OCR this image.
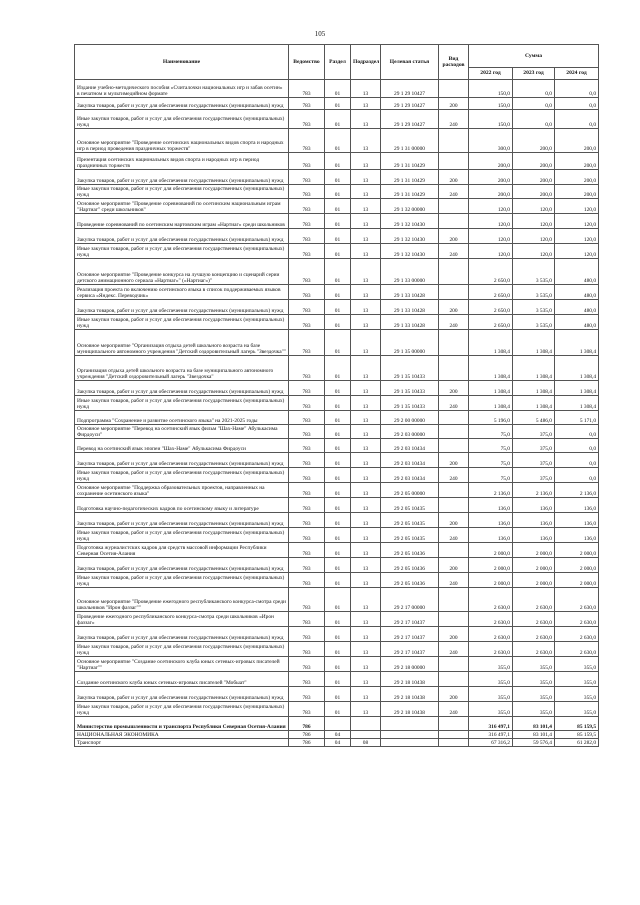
105
Наименование	Ведомство	Раздел	Подраздел	Целевая статья	Вид расходов	Сумма		
						2022 год	2023 год	2024 год
Издание учебно-методического пособия «Считалочки национальных игр и забав осетин» в печатном и мультимедийном формате	783	01	13	29 1 29 10427		150,0	0,0	0,0
Закупка товаров, работ и услуг для обеспечения государственных (муниципальных) нужд	783	01	13	29 1 29 10427	200	150,0	0,0	0,0
Иные закупки товаров, работ и услуг для обеспечения государственных (муниципальных) нужд	783	01	13	29 1 29 10427	240	150,0	0,0	0,0
Основное мероприятие "Проведение осетинских национальных видов спорта и народных игр в период проведения праздничных торжеств"	783	01	13	29 1 31 00000		300,0	200,0	200,0
Презентация осетинских национальных видов спорта и народных игр в период праздничных торжеств	783	01	13	29 1 31 10429		200,0	200,0	200,0
Закупка товаров, работ и услуг для обеспечения государственных (муниципальных) нужд	783	01	13	29 1 31 10429	200	200,0	200,0	200,0
Иные закупки товаров, работ и услуг для обеспечения государственных (муниципальных) нужд	783	01	13	29 1 31 10429	240	200,0	200,0	200,0
Основное мероприятие "Проведение соревнований по осетинским национальным играм "Нартиаг" среди школьников"	783	01	13	29 1 32 00000		120,0	120,0	120,0
Проведение соревнований по осетинским нартовским играм «Нартиаг» среди школьников	783	01	13	29 1 32 10430		120,0	120,0	120,0
Закупка товаров, работ и услуг для обеспечения государственных (муниципальных) нужд	783	01	13	29 1 32 10430	200	120,0	120,0	120,0
Иные закупки товаров, работ и услуг для обеспечения государственных (муниципальных) нужд	783	01	13	29 1 32 10430	240	120,0	120,0	120,0
Основное мероприятие "Проведение конкурса на лучшую концепцию и сценарий серии детского анимационного сериала «Нартиаг»" («Нартиаг»)"	783	01	13	29 1 33 00000		2 650,0	3 535,0	480,0
Реализация проекта по включению осетинского языка в список поддерживаемых языков сервиса «Яндекс. Переводчик»	783	01	13	29 1 33 10428		2 650,0	3 535,0	480,0
Закупка товаров, работ и услуг для обеспечения государственных (муниципальных) нужд	783	01	13	29 1 33 10428	200	2 650,0	3 535,0	480,0
Иные закупки товаров, работ и услуг для обеспечения государственных (муниципальных) нужд	783	01	13	29 1 33 10428	240	2 650,0	3 535,0	480,0
Основное мероприятие "Организация отдыха детей школьного возраста на базе муниципального автономного учреждения "Детский оздоровительный лагерь "Звездочка""	783	01	13	29 1 35 00000		1 308,4	1 308,4	1 308,4
Организация отдыха детей школьного возраста на базе муниципального автономного учреждения "Детский оздоровительный лагерь "Звездочка"	783	01	13	29 1 35 10433		1 308,4	1 308,4	1 308,4
Закупка товаров, работ и услуг для обеспечения государственных (муниципальных) нужд	783	01	13	29 1 35 10433	200	1 308,4	1 308,4	1 308,4
Иные закупки товаров, работ и услуг для обеспечения государственных (муниципальных) нужд	783	01	13	29 1 35 10433	240	1 308,4	1 308,4	1 308,4
Подпрограмма "Сохранение и развитие осетинского языка" на 2021-2025 годы	783	01	13	29 2 00 00000		5 196,0	5 486,0	5 171,0
Основное мероприятие "Перевод на осетинский язык фильм "Шах-Наме" Абулькасима Фирдоуси"	783	01	13	29 2 03 00000		75,0	375,0	0,0
Перевод на осетинский язык эпопеи "Шах-Наме" Абулькасима Фирдоуси	783	01	13	29 2 03 10434		75,0	375,0	0,0
Закупка товаров, работ и услуг для обеспечения государственных (муниципальных) нужд	783	01	13	29 2 03 10434	200	75,0	375,0	0,0
Иные закупки товаров, работ и услуг для обеспечения государственных (муниципальных) нужд	783	01	13	29 2 03 10434	240	75,0	375,0	0,0
Основное мероприятие "Поддержка образовательных проектов, направленных на сохранение осетинского языка"	783	01	13	29 2 05 00000		2 136,0	2 136,0	2 136,0
Подготовка научно-педагогических кадров по осетинскому языку и литературе	783	01	13	29 2 05 10435		136,0	136,0	136,0
Закупка товаров, работ и услуг для обеспечения государственных (муниципальных) нужд	783	01	13	29 2 05 10435	200	136,0	136,0	136,0
Иные закупки товаров, работ и услуг для обеспечения государственных (муниципальных) нужд	783	01	13	29 2 05 10435	240	136,0	136,0	136,0
Подготовка журналистских кадров для средств массовой информации Республики Северная Осетия-Алания	783	01	13	29 2 05 10436		2 000,0	2 000,0	2 000,0
Закупка товаров, работ и услуг для обеспечения государственных (муниципальных) нужд	783	01	13	29 2 05 10436	200	2 000,0	2 000,0	2 000,0
Иные закупки товаров, работ и услуг для обеспечения государственных (муниципальных) нужд	783	01	13	29 2 05 10436	240	2 000,0	2 000,0	2 000,0
Основное мероприятие "Проведение ежегодного республиканского конкурса-смотра среди школьников "Ирон фаззаг""	783	01	13	29 2 17 00000		2 630,0	2 630,0	2 630,0
Проведение ежегодного республиканского конкурса-смотра среди школьников «Ирон фаззаг»	783	01	13	29 2 17 10437		2 630,0	2 630,0	2 630,0
Закупка товаров, работ и услуг для обеспечения государственных (муниципальных) нужд	783	01	13	29 2 17 10437	200	2 630,0	2 630,0	2 630,0
Иные закупки товаров, работ и услуг для обеспечения государственных (муниципальных) нужд	783	01	13	29 2 17 10437	240	2 630,0	2 630,0	2 630,0
Основное мероприятие "Создание осетинского клуба юных сетевых-игровых писателей "Нартиаг""	783	01	13	29 2 18 00000		355,0	355,0	355,0
Создание осетинского клуба юных сетевых-игровых писателей "Мобыат"	783	01	13	29 2 18 10438		355,0	355,0	355,0
Закупка товаров, работ и услуг для обеспечения государственных (муниципальных) нужд	783	01	13	29 2 18 10438	200	355,0	355,0	355,0
Иные закупки товаров, работ и услуг для обеспечения государственных (муниципальных) нужд	783	01	13	29 2 18 10438	240	355,0	355,0	355,0
Министерство промышленности и транспорта Республики Северная Осетия-Алания	786					316 497,1	83 101,4	85 159,5
НАЦИОНАЛЬНАЯ ЭКОНОМИКА	786	04				316 497,1	83 101,4	85 159,5
Транспорт	786	04	08			67 316,2	59 576,4	61 282,0
